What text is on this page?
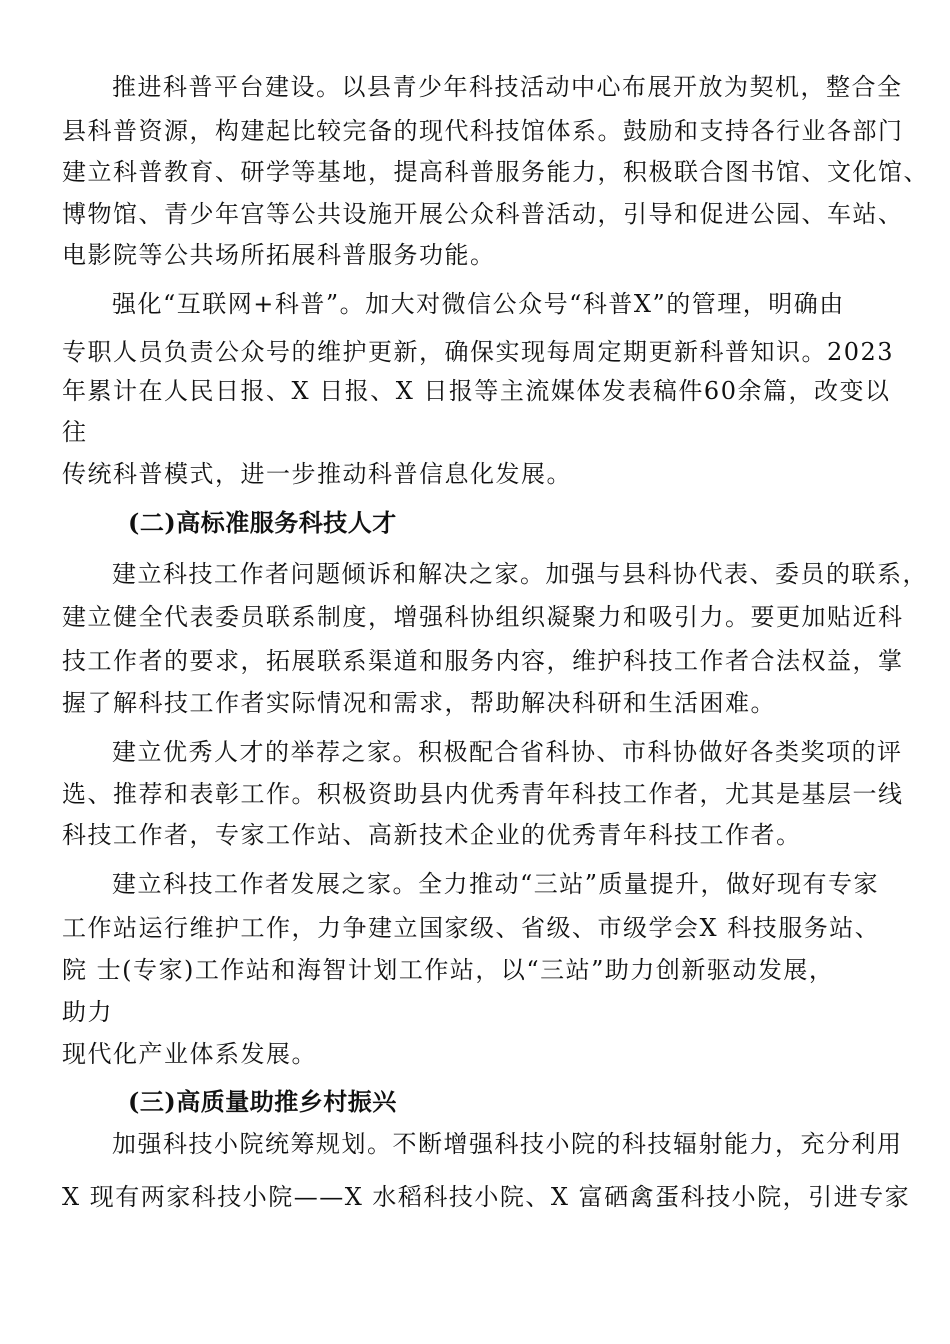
推进科普平台建设。以县青少年科技活动中心布展开放为契机，整合全
县科普资源，构建起比较完备的现代科技馆体系。鼓励和支持各行业各部门
建立科普教育、研学等基地，提高科普服务能力，积极联合图书馆、文化馆、
博物馆、青少年宫等公共设施开展公众科普活动，引导和促进公园、车站、
电影院等公共场所拓展科普服务功能。
强化“互联网+科普”。加大对微信公众号“科普X”的管理，明确由
专职人员负责公众号的维护更新，确保实现每周定期更新科普知识。2023
年累计在人民日报、X 日报、X 日报等主流媒体发表稿件60余篇，改变以
往
传统科普模式，进一步推动科普信息化发展。
(二)高标准服务科技人才
建立科技工作者问题倾诉和解决之家。加强与县科协代表、委员的联系，
建立健全代表委员联系制度，增强科协组织凝聚力和吸引力。要更加贴近科
技工作者的要求，拓展联系渠道和服务内容，维护科技工作者合法权益，掌
握了解科技工作者实际情况和需求，帮助解决科研和生活困难。
建立优秀人才的举荐之家。积极配合省科协、市科协做好各类奖项的评
选、推荐和表彰工作。积极资助县内优秀青年科技工作者，尤其是基层一线
科技工作者，专家工作站、高新技术企业的优秀青年科技工作者。
建立科技工作者发展之家。全力推动“三站”质量提升，做好现有专家
工作站运行维护工作，力争建立国家级、省级、市级学会X 科技服务站、
院 士(专家)工作站和海智计划工作站，以“三站”助力创新驱动发展，
助力
现代化产业体系发展。
(三)高质量助推乡村振兴
加强科技小院统筹规划。不断增强科技小院的科技辐射能力，充分利用
X 现有两家科技小院——X 水稻科技小院、X 富硒禽蛋科技小院，引进专家
